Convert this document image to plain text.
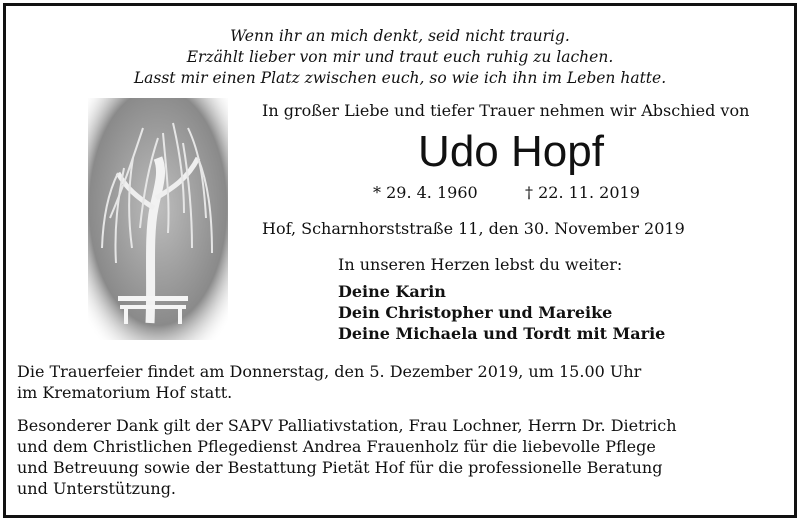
Wenn ihr an mich denkt, seid nicht traurig.
Erzählt lieber von mir und traut euch ruhig zu lachen.
Lasst mir einen Platz zwischen euch, so wie ich ihn im Leben hatte.
In großer Liebe und tiefer Trauer nehmen wir Abschied von
Udo Hopf
* 29. 4. 1960	† 22. 11. 2019
Hof, Scharnhorststraße 11, den 30. November 2019
In unseren Herzen lebst du weiter:
Deine Karin
Dein Christopher und Mareike
Deine Michaela und Tordt mit Marie
Die Trauerfeier findet am Donnerstag, den 5. Dezember 2019, um 15.00 Uhr
im Krematorium Hof statt.
Besonderer Dank gilt der SAPV Palliativstation, Frau Lochner, Herrn Dr. Dietrich
und dem Christlichen Pflegedienst Andrea Frauenholz für die liebevolle Pflege
und Betreuung sowie der Bestattung Pietät Hof für die professionelle Beratung
und Unterstützung.
